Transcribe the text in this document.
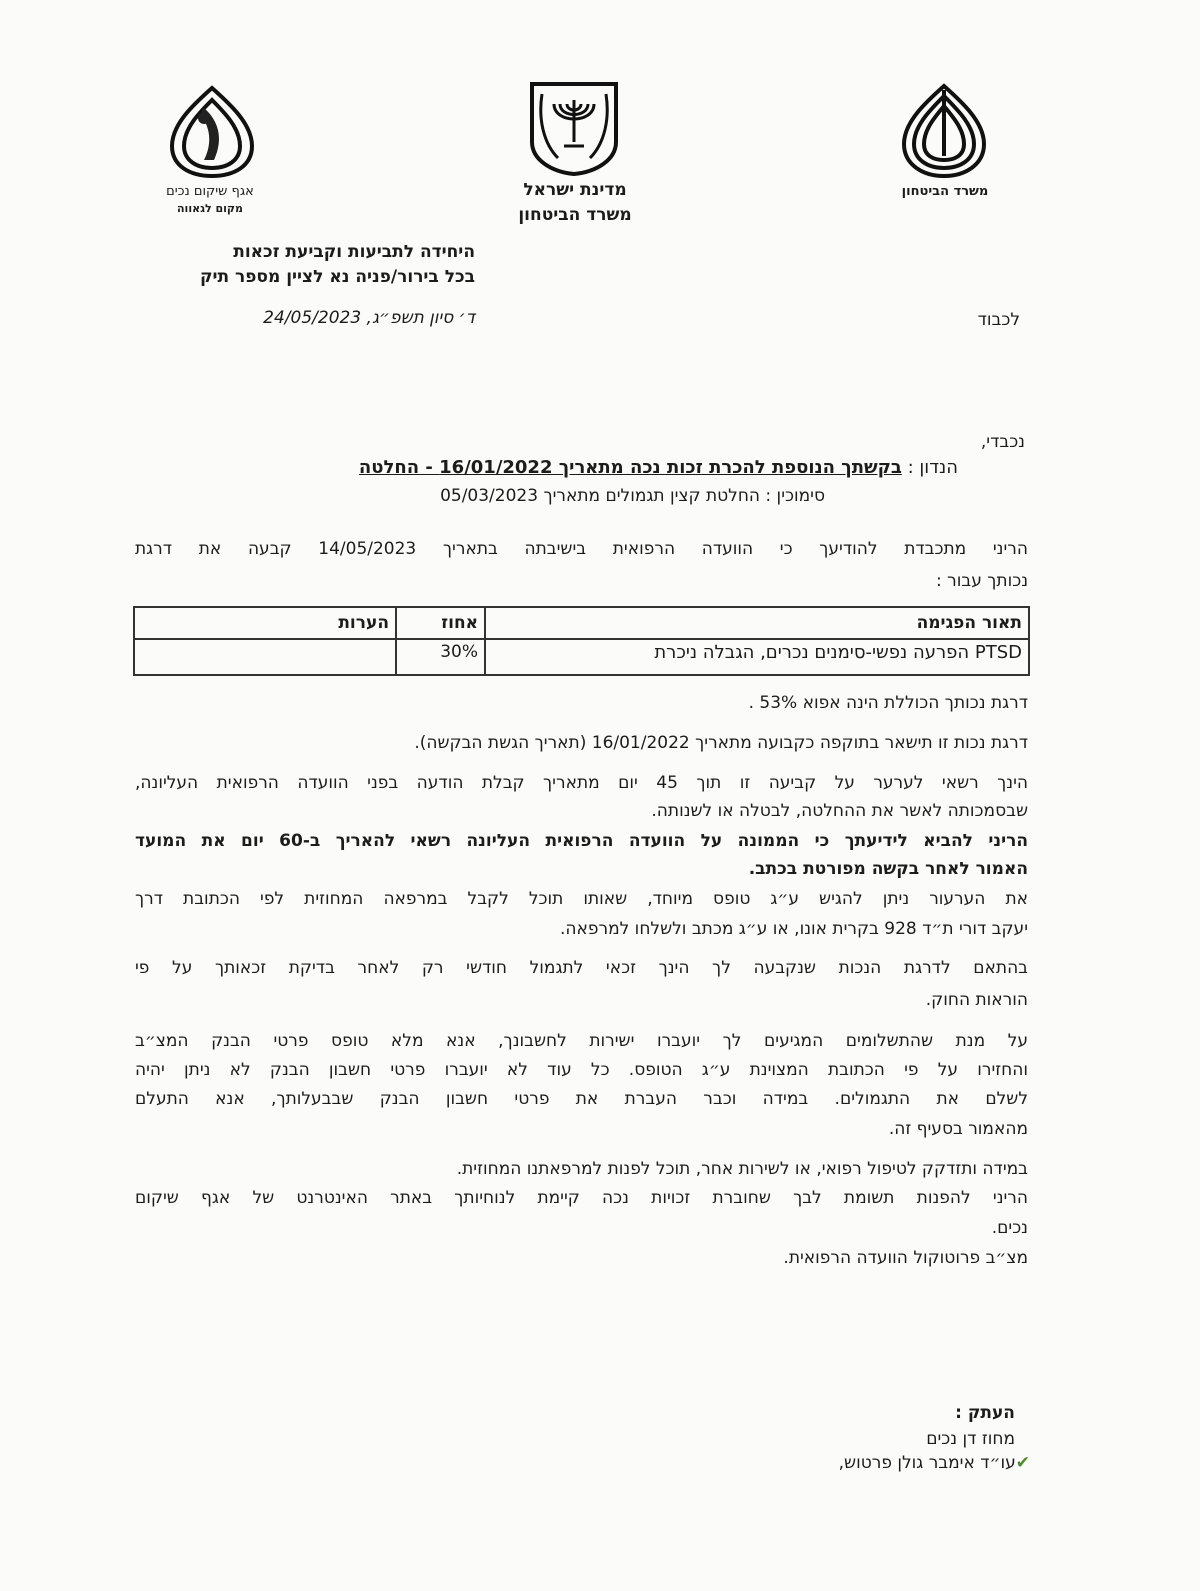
משרד הביטחון
מדינת ישראל
משרד הביטחון
אגף שיקום נכים
מקום לגאווה
היחידה לתביעות וקביעת זכאות
בכל בירור/פניה נא לציין מספר תיק
ד׳ סיון תשפ״ג, 24/05/2023	לכבוד
נכבדי,
הנדון : בקשתך הנוספת להכרת זכות נכה מתאריך 16/01/2022 - החלטה
סימוכין : החלטת קצין תגמולים מתאריך 05/03/2023
הריני מתכבדת להודיעך כי הוועדה הרפואית בישיבתה בתאריך 14/05/2023 קבעה את דרגת
נכותך עבור :
תאור הפגימה	אחוז	הערות
PTSD הפרעה נפשי-סימנים נכרים, הגבלה ניכרת	30%	
דרגת נכותך הכוללת הינה אפוא 53% .
דרגת נכות זו תישאר בתוקפה כקבועה מתאריך 16/01/2022 (תאריך הגשת הבקשה).
הינך רשאי לערער על קביעה זו תוך 45 יום מתאריך קבלת הודעה בפני הוועדה הרפואית העליונה,
שבסמכותה לאשר את ההחלטה, לבטלה או לשנותה.
הריני להביא לידיעתך כי הממונה על הוועדה הרפואית העליונה רשאי להאריך ב-60 יום את המועד
האמור לאחר בקשה מפורטת בכתב.
את הערעור ניתן להגיש ע״ג טופס מיוחד, שאותו תוכל לקבל במרפאה המחוזית לפי הכתובת דרך
יעקב דורי ת״ד 928 בקרית אונו, או ע״ג מכתב ולשלחו למרפאה.
בהתאם לדרגת הנכות שנקבעה לך הינך זכאי לתגמול חודשי רק לאחר בדיקת זכאותך על פי
הוראות החוק.
על מנת שהתשלומים המגיעים לך יועברו ישירות לחשבונך, אנא מלא טופס פרטי הבנק המצ״ב
והחזירו על פי הכתובת המצוינת ע״ג הטופס. כל עוד לא יועברו פרטי חשבון הבנק לא ניתן יהיה
לשלם את התגמולים. במידה וכבר העברת את פרטי חשבון הבנק שבבעלותך, אנא התעלם
מהאמור בסעיף זה.
במידה ותזדקק לטיפול רפואי, או לשירות אחר, תוכל לפנות למרפאתנו המחוזית.
הריני להפנות תשומת לבך שחוברת זכויות נכה קיימת לנוחיותך באתר האינטרנט של אגף שיקום
נכים.
מצ״ב פרוטוקול הוועדה הרפואית.
העתק :
מחוז דן נכים
✔עו״ד אימבר גולן פרטוש,
